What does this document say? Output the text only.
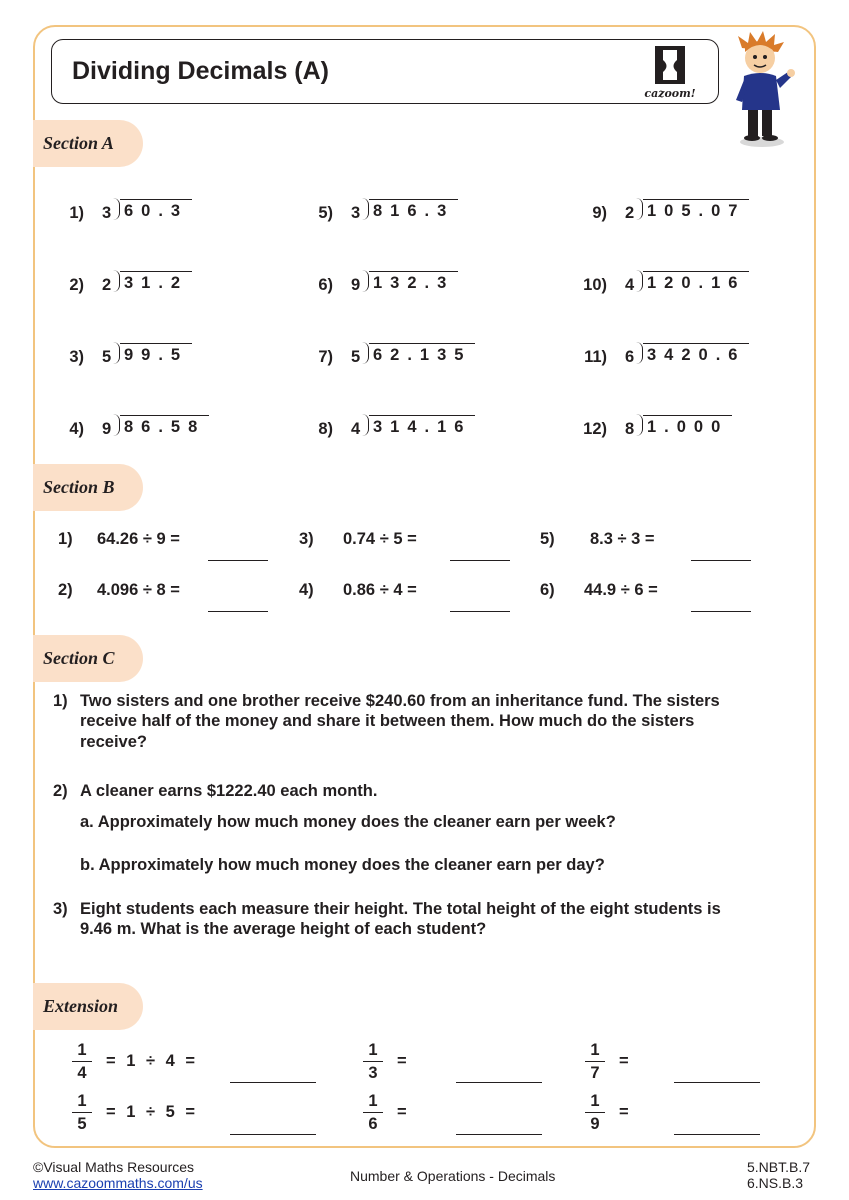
Dividing Decimals (A)
cazoom!
Section A
1) 3 60.3
2) 2 31.2
3) 5 99.5
4) 9 86.58
5) 3 816.3
6) 9 132.3
7) 5 62.135
8) 4 314.16
9) 2 105.07
10) 4 120.16
11) 6 3420.6
12) 8 1.000
Section B
1) 64.26 ÷ 9 =
2) 4.096 ÷ 8 =
3) 0.74 ÷ 5 =
4) 0.86 ÷ 4 =
5) 8.3 ÷ 3 =
6) 44.9 ÷ 6 =
Section C
1) Two sisters and one brother receive $240.60 from an inheritance fund. The sisters
receive half of the money and share it between them. How much do the sisters
receive?
2) A cleaner earns $1222.40 each month.
a. Approximately how much money does the cleaner earn per week?
b. Approximately how much money does the cleaner earn per day?
3) Eight students each measure their height. The total height of the eight students is
9.46 m. What is the average height of each student?
Extension
1
4
= 1 ÷ 4 =
1
5
= 1 ÷ 5 =
1
3
=
1
6
=
1
7
=
1
9
=
©Visual Maths Resources
www.cazoommaths.com/us	Number & Operations - Decimals
5.NBT.B.7
6.NS.B.3
